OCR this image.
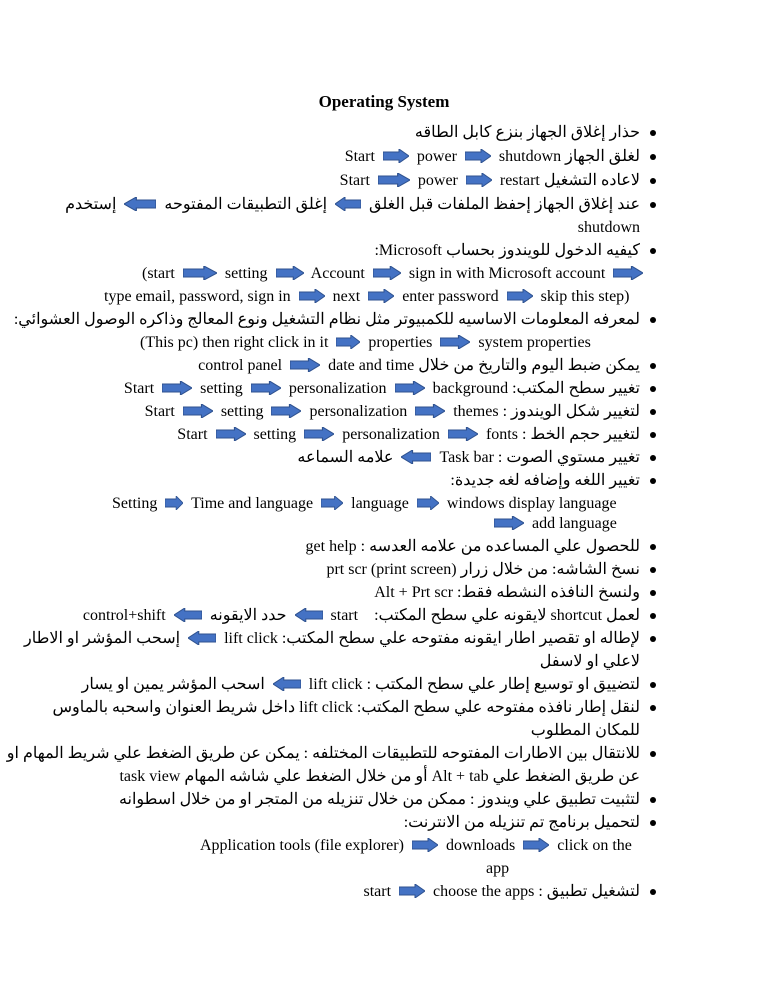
Operating System
حذار إغلاق الجهاز بنزع كابل الطاقه
Start	power	shutdown لغلق الجهاز
Start	power	restart لاعاده التشغيل
إستخدم	إغلق التطبيقات المفتوحه	عند إغلاق الجهاز إحفظ الملفات قبل الغلق
shutdown
:Microsoft كيفيه الدخول للويندوز بحساب
(start	setting	Account	sign in with Microsoft account
type email, password, sign in	next	enter password	skip this step)
لمعرفه المعلومات الاساسيه للكمبيوتر مثل نظام التشغيل ونوع المعالج وذاكره الوصول العشوائي:
(This pc) then right click in it	properties	system properties
control panel	date and time يمكن ضبط اليوم والتاريخ من خلال
Start	setting	personalization	background تغيير سطح المكتب:
Start	setting	personalization	themes لتغيير شكل الويندوز :
Start	setting	personalization	fonts لتغيير حجم الخط :
علامه السماعه	Task bar تغيير مستوي الصوت :
تغيير اللغه وإضافه لغه جديدة:
Setting Time and language language windows display language
add language
get help للحصول علي المساعده من علامه العدسه :
prt scr (print screen) نسخ الشاشه: من خلال زرار
Alt + Prt scr ولنسخ النافذه النشطه فقط:
control+shift	حدد الايقونه	start لايقونه علي سطح المكتب: shortcut لعمل
إسحب المؤشر او الاطار	lift click لإطاله او تقصير اطار ايقونه مفتوحه علي سطح المكتب:
لاعلي او لاسفل
اسحب المؤشر يمين او يسار	lift click لتضييق او توسيع إطار علي سطح المكتب :
داخل شريط العنوان واسحبه بالماوس lift click لنقل إطار نافذه مفتوحه علي سطح المكتب:
للمكان المطلوب
للانتقال بين الاطارات المفتوحه للتطبيقات المختلفه : يمكن عن طريق الضغط علي شريط المهام او
task view أو من خلال الضغط علي شاشه المهام Alt + tab عن طريق الضغط علي
لتثبيت تطبيق علي ويندوز : ممكن من خلال تنزيله من المتجر او من خلال اسطوانه
لتحميل برنامج تم تنزيله من الانترنت:
Application tools (file explorer)	downloads	click on the
app
start	choose the apps لتشغيل تطبيق :
